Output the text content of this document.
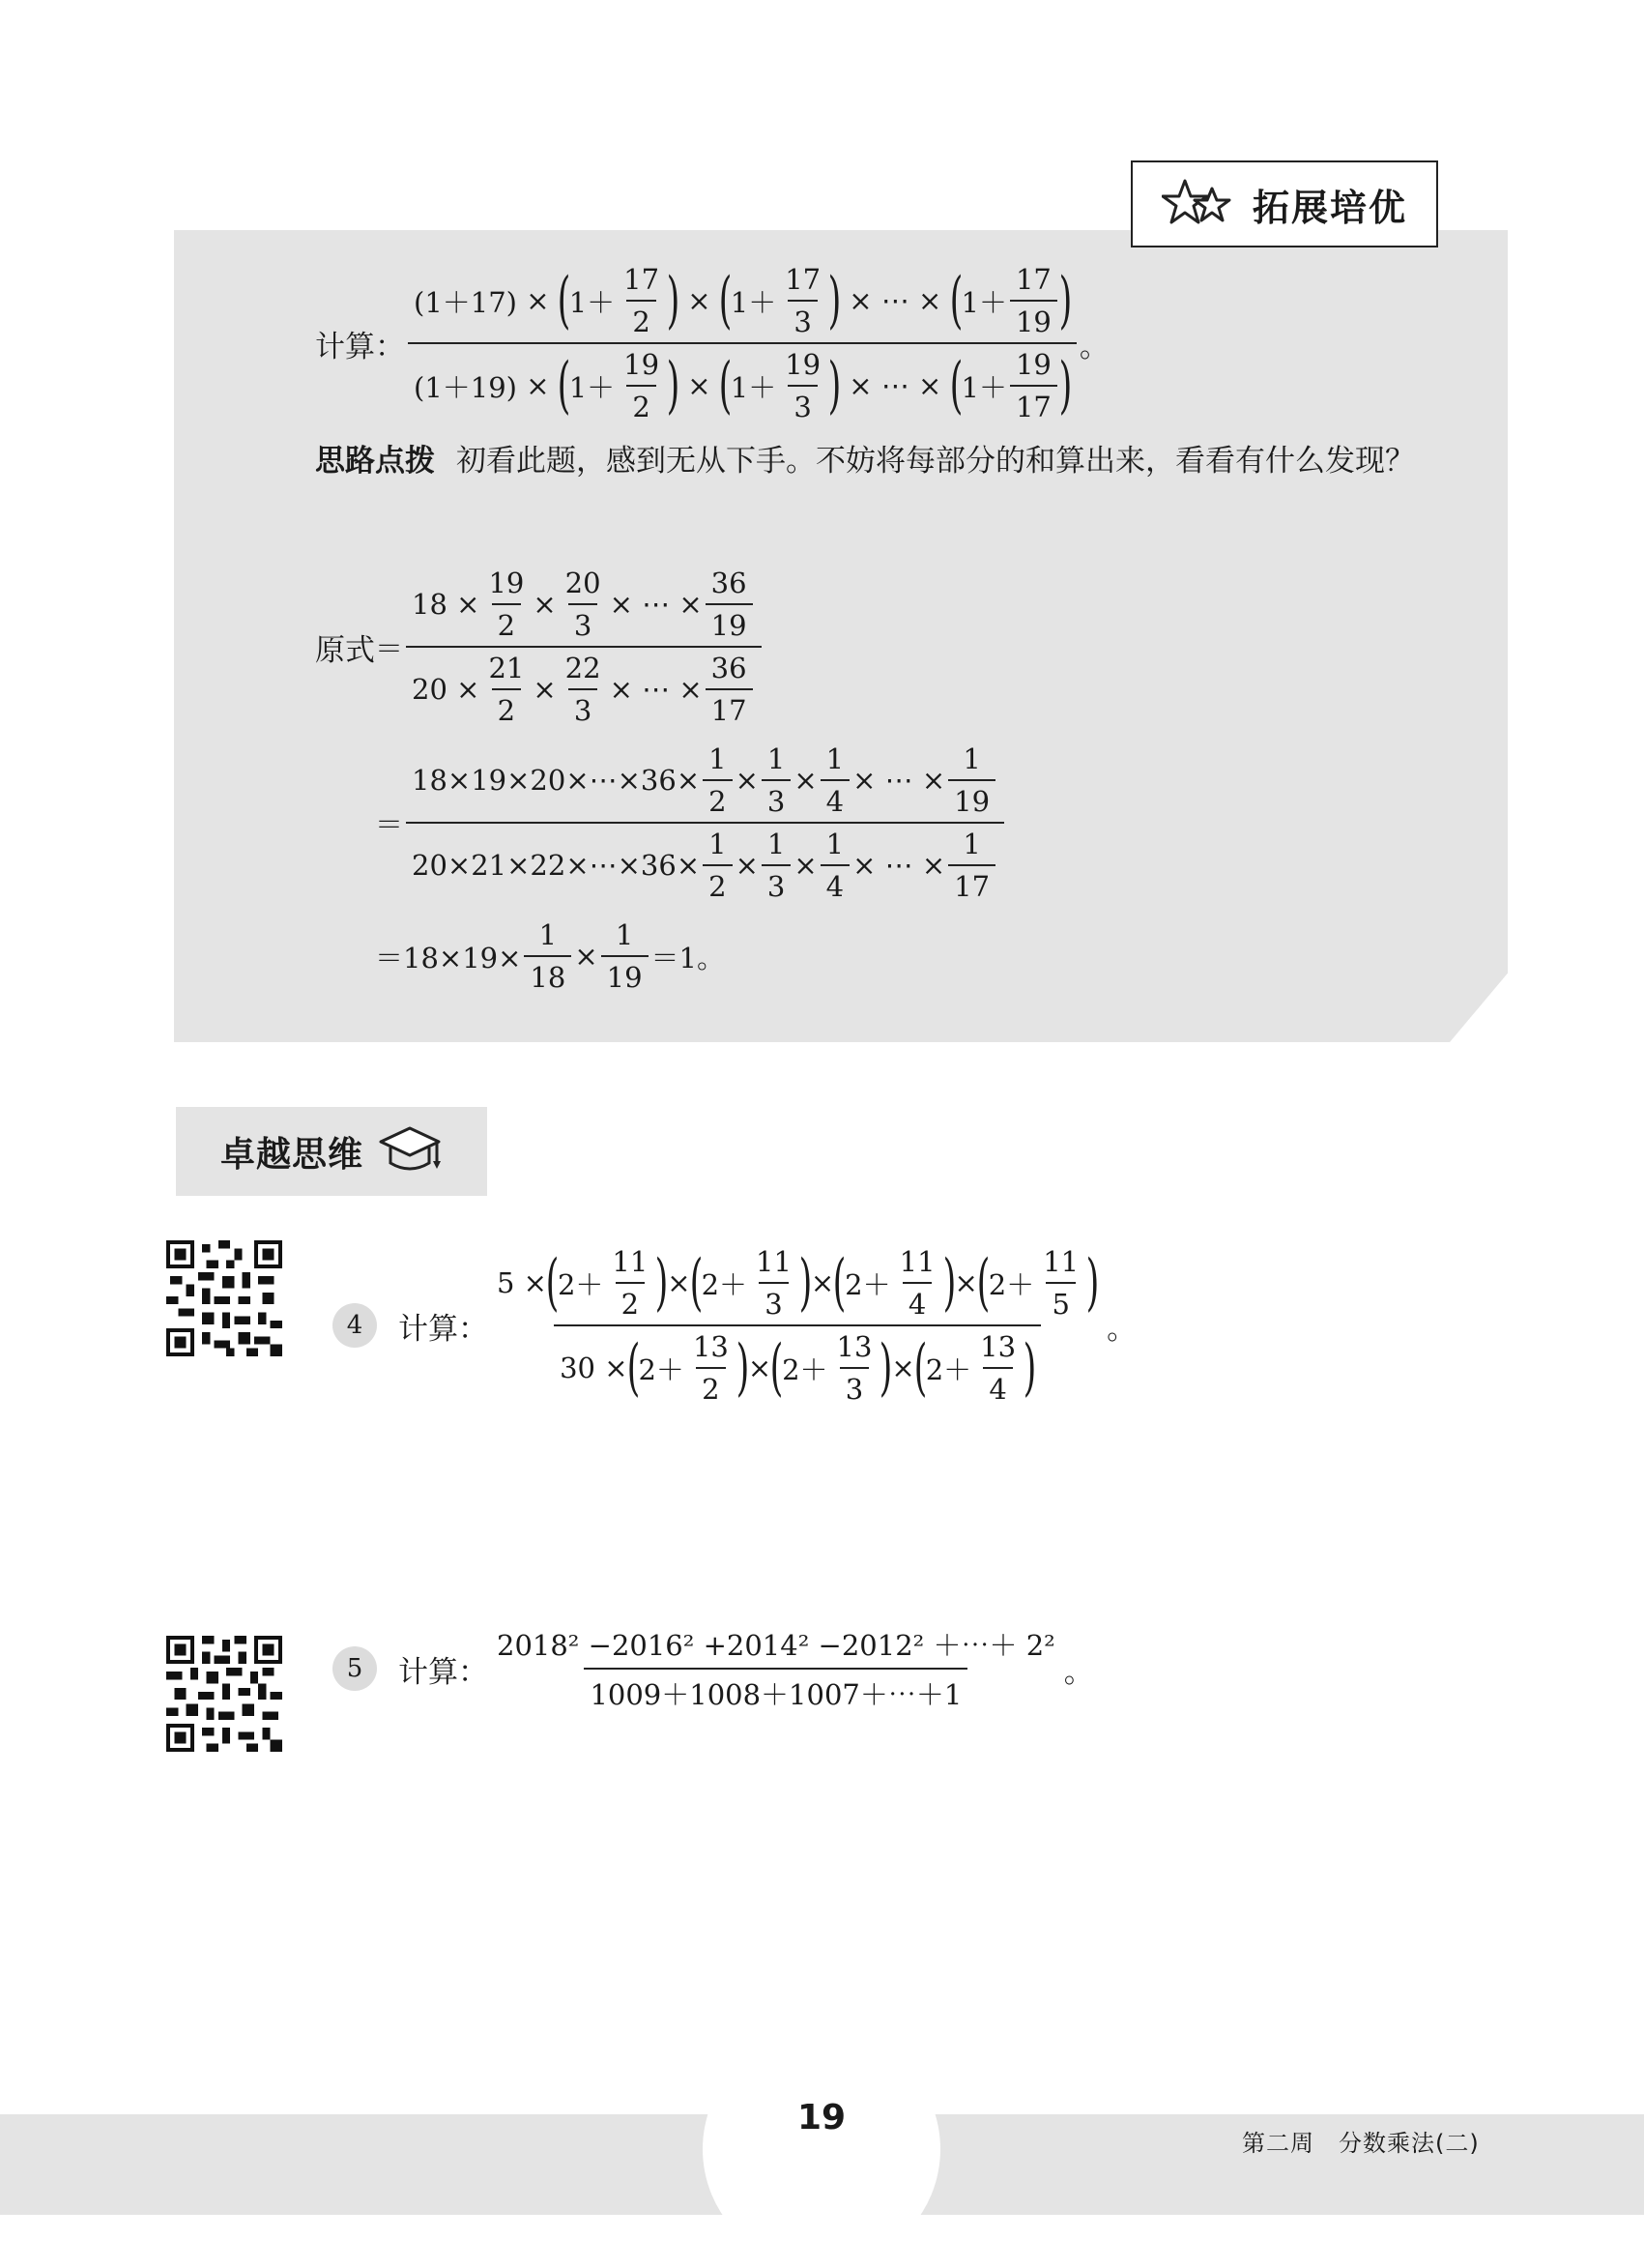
拓展培优
计算：
(1＋17) ×
(
$1+ \frac{17}{2}$ )
×
(
$1+ \frac{17}{3}$ )
× ⋯ ×
(
$1+ \frac{17}{19}$ )
(1＋19) ×
(
$1+ \frac{19}{2}$ )
×
(
$1+ \frac{19}{3}$ )
× ⋯ ×
(
$1+ \frac{19}{17}$ )
。
思路点拨 初看此题，感到无从下手。不妨将每部分的和算出来，看看有什么发现？
原式 ＝ $\frac{18 \times \frac{19}{2} \times \frac{20}{3} \times \cdots \times \frac{36}{19}}{20 \times \frac{21}{2} \times \frac{22}{3} \times \cdots \times \frac{36}{17}}$
＝
18×19×20×⋯×36× $\frac{1}{2} \times \frac{1}{3} \times \frac{1}{4}$ × ⋯ × $\frac{1}{19}$
20×21×22×⋯×36× $\frac{1}{2} \times \frac{1}{3} \times \frac{1}{4}$ × ⋯ × $\frac{1}{17}$
$=18\times 19\times \frac{1}{18} \times \frac{1}{19} =1$。
卓越思维
4	计算：
5 ×
(
$2+ \frac{11}{2}$ )
×
(
$2+ \frac{11}{3}$ )
×
(
$2+ \frac{11}{4}$ )
×
(
$2+ \frac{11}{5}$ )
30 ×
(
$2+ \frac{13}{2}$ )
×
(
$2+ \frac{13}{3}$ )
×
(
$2+ \frac{13}{4}$ )
。
5	计算： $\frac{\text{2018² −2016² +2014² −2012² ＋⋯＋ 2²}}{1009+1008+1007+\cdots+1}$ 。
19
第二周　分数乘法(二)
